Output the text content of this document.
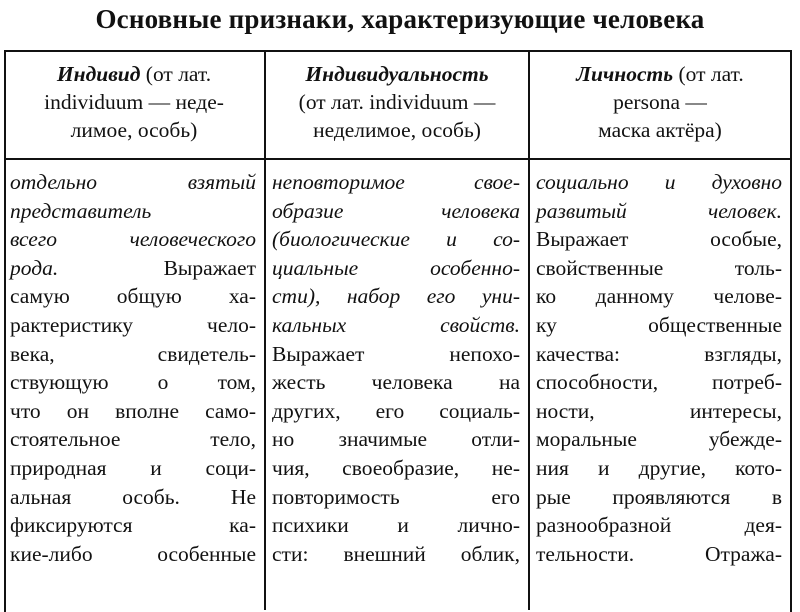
Основные признаки, характеризующие человека
Индивид (от лат. individuum — неде-
лимое, особь)
Индивидуальность
(от лат. individuum —
неделимое, особь)
Личность (от лат.
persona —
маска актёра)
отдельно взятый
представитель
всего человеческого
рода. Выражает
самую общую ха-
рактеристику чело-
века, свидетель-
ствующую о том,
что он вполне само-
стоятельное тело,
природная и соци-
альная особь. Не
фиксируются ка-
кие-либо особенные
неповторимое свое-
образие человека
(биологические и со-
циальные особенно-
сти), набор его уни-
кальных свойств.
Выражает непохо-
жесть человека на
других, его социаль-
но значимые отли-
чия, своеобразие, не-
повторимость его
психики и лично-
сти: внешний облик,
социально и духовно
развитый человек.
Выражает особые,
свойственные толь-
ко данному челове-
ку общественные
качества: взгляды,
способности, потреб-
ности, интересы,
моральные убежде-
ния и другие, кото-
рые проявляются в
разнообразной дея-
тельности. Отража-
